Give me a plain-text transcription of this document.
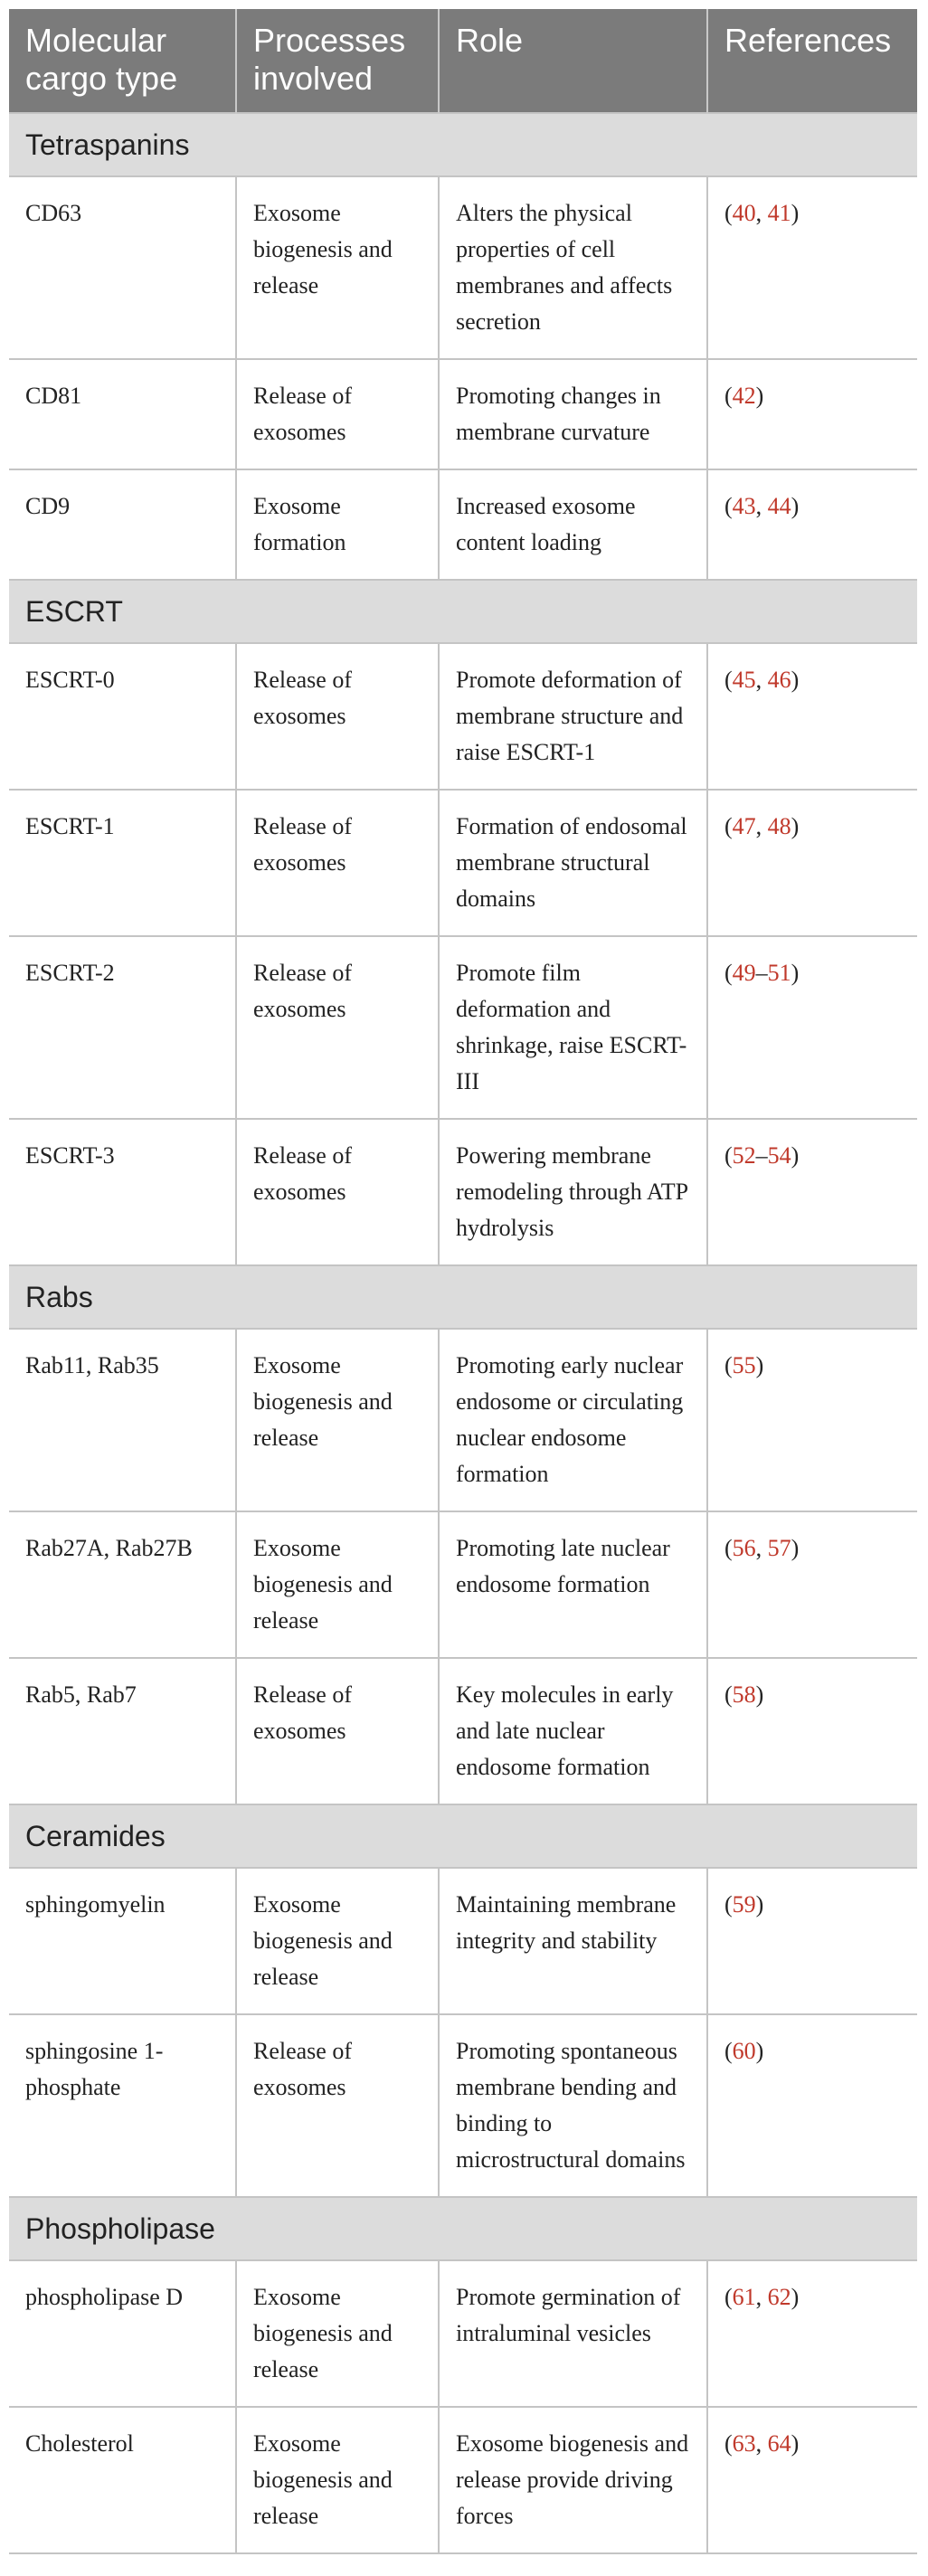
Molecular cargo type	Processes involved	Role	References
Tetraspanins			
CD63	Exosome biogenesis and release	Alters the physical properties of cell membranes and affects secretion	(40, 41)
CD81	Release of exosomes	Promoting changes in membrane curvature	(42)
CD9	Exosome formation	Increased exosome content loading	(43, 44)
ESCRT			
ESCRT-0	Release of exosomes	Promote deformation of membrane structure and raise ESCRT-1	(45, 46)
ESCRT-1	Release of exosomes	Formation of endosomal membrane structural domains	(47, 48)
ESCRT-2	Release of exosomes	Promote film deformation and shrinkage, raise ESCRT-III	(49–51)
ESCRT-3	Release of exosomes	Powering membrane remodeling through ATP hydrolysis	(52–54)
Rabs			
Rab11, Rab35	Exosome biogenesis and release	Promoting early nuclear endosome or circulating nuclear endosome formation	(55)
Rab27A, Rab27B	Exosome biogenesis and release	Promoting late nuclear endosome formation	(56, 57)
Rab5, Rab7	Release of exosomes	Key molecules in early and late nuclear endosome formation	(58)
Ceramides			
sphingomyelin	Exosome biogenesis and release	Maintaining membrane integrity and stability	(59)
sphingosine 1-phosphate	Release of exosomes	Promoting spontaneous membrane bending and binding to microstructural domains	(60)
Phospholipase			
phospholipase D	Exosome biogenesis and release	Promote germination of intraluminal vesicles	(61, 62)
Cholesterol	Exosome biogenesis and release	Exosome biogenesis and release provide driving forces	(63, 64)
